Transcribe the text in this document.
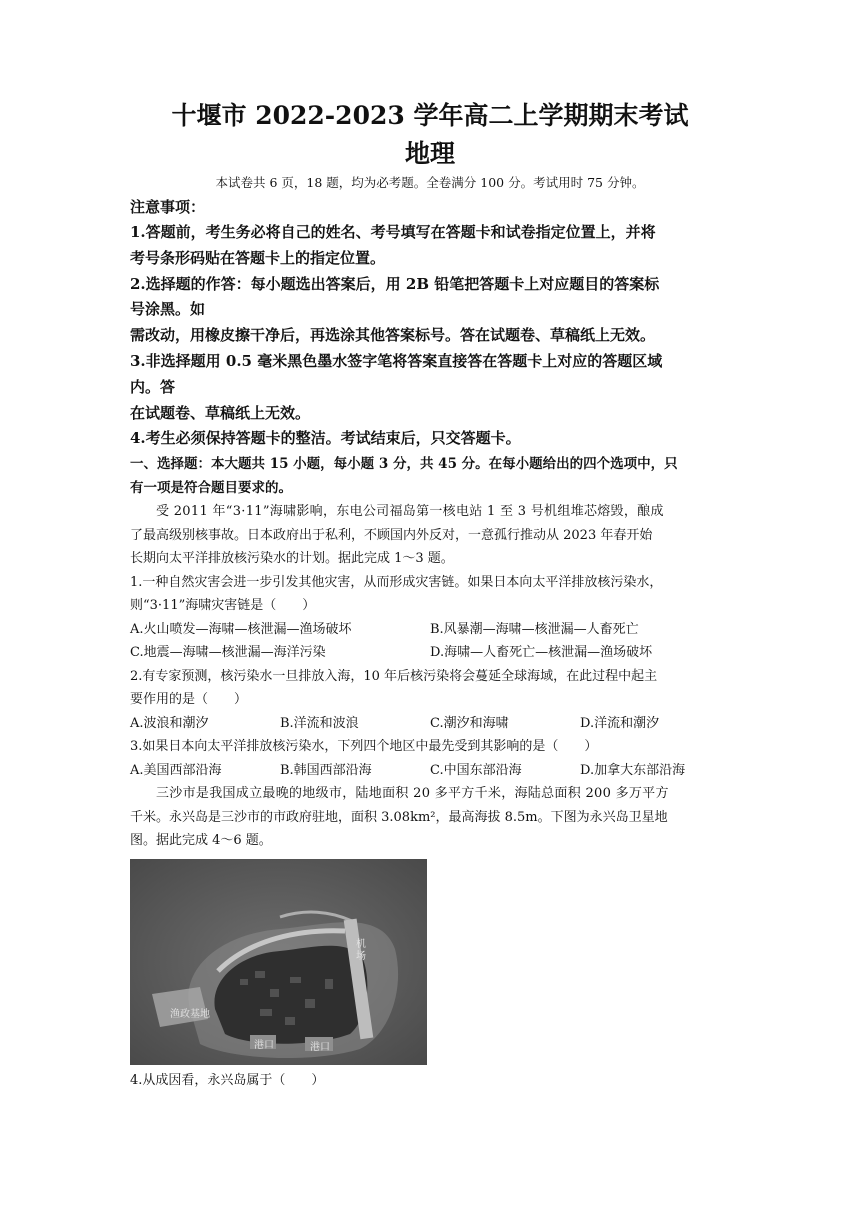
十堰市 2022-2023 学年高二上学期期末考试

地理

本试卷共 6 页，18 题，均为必考题。全卷满分 100 分。考试用时 75 分钟。

注意事项：

1.答题前，考生务必将自己的姓名、考号填写在答题卡和试卷指定位置上，并将

考号条形码贴在答题卡上的指定位置。

2.选择题的作答：每小题选出答案后，用 2B 铅笔把答题卡上对应题目的答案标

号涂黑。如

需改动，用橡皮擦干净后，再选涂其他答案标号。答在试题卷、草稿纸上无效。

3.非选择题用 0.5 毫米黑色墨水签字笔将答案直接答在答题卡上对应的答题区域

内。答

在试题卷、草稿纸上无效。

4.考生必须保持答题卡的整洁。考试结束后，只交答题卡。

一、选择题：本大题共 15 小题，每小题 3 分，共 45 分。在每小题给出的四个选项中，只

有一项是符合题目要求的。

受 2011 年“3·11”海啸影响，东电公司福岛第一核电站 1 至 3 号机组堆芯熔毁，酿成

了最高级别核事故。日本政府出于私利，不顾国内外反对，一意孤行推动从 2023 年春开始

长期向太平洋排放核污染水的计划。据此完成 1～3 题。

1.一种自然灾害会进一步引发其他灾害，从而形成灾害链。如果日本向太平洋排放核污染水，

则“3·11”海啸灾害链是（　　）

A.火山喷发—海啸—核泄漏—渔场破坏	B.风暴潮—海啸—核泄漏—人畜死亡
C.地震—海啸—核泄漏—海洋污染	D.海啸—人畜死亡—核泄漏—渔场破坏

2.有专家预测，核污染水一旦排放入海，10 年后核污染将会蔓延全球海域，在此过程中起主

要作用的是（　　）

A.波浪和潮汐	B.洋流和波浪	C.潮汐和海啸	D.洋流和潮汐

3.如果日本向太平洋排放核污染水，下列四个地区中最先受到其影响的是（　　）

A.美国西部沿海	B.韩国西部沿海	C.中国东部沿海	D.加拿大东部沿海

三沙市是我国成立最晚的地级市，陆地面积 20 多平方千米，海陆总面积 200 多万平方

千米。永兴岛是三沙市的市政府驻地，面积 3.08km²，最高海拔 8.5m。下图为永兴岛卫星地

图。据此完成 4～6 题。

机场
渔政基地
港口	港口

4.从成因看，永兴岛属于（　　）
